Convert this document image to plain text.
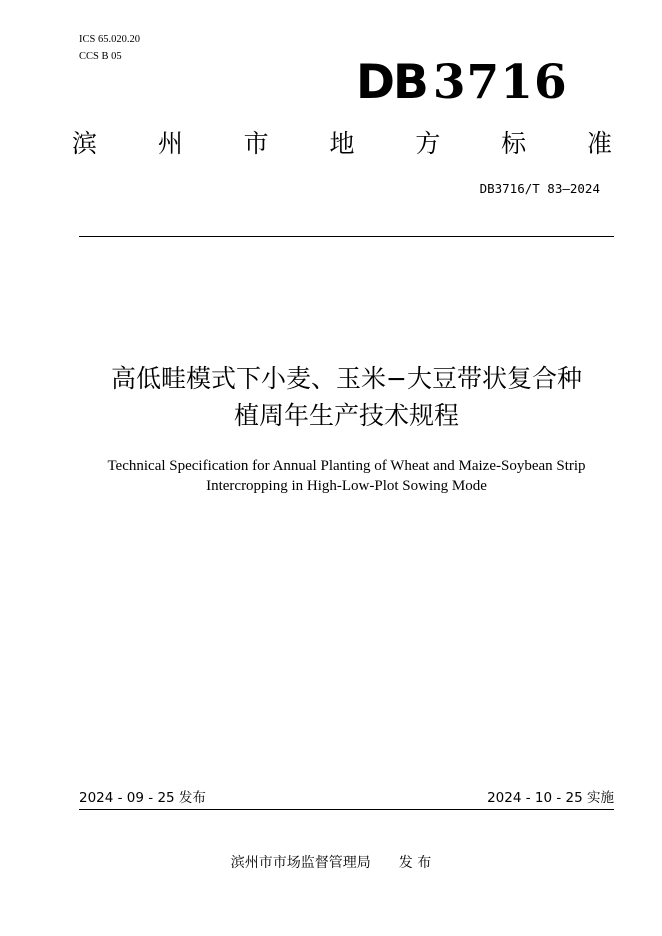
ICS 65.020.20
CCS B 05	DB 3716
滨 州 市 地 方 标 准
DB3716/T 83—2024
高低畦模式下小麦、玉米−大豆带状复合种
植周年生产技术规程
Technical Specification for Annual Planting of Wheat and Maize-Soybean Strip
Intercropping in High-Low-Plot Sowing Mode
2024 - 09 - 25 发布	2024 - 10 - 25 实施
滨州市市场监督管理局 发 布
